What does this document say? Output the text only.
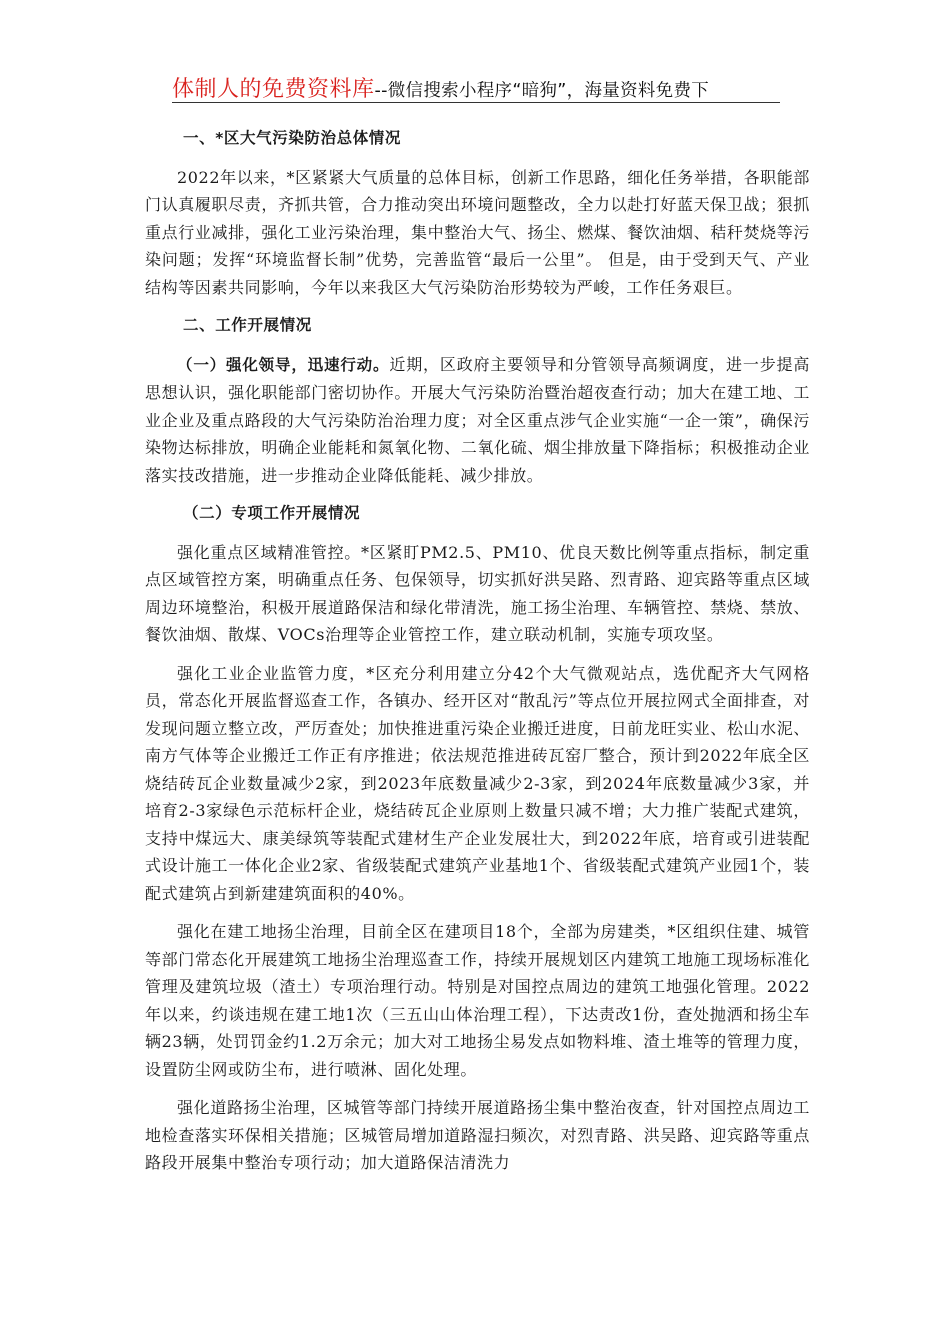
体制人的免费资料库--微信搜索小程序“暗狗”，海量资料免费下
一、*区大气污染防治总体情况

2022年以来，*区紧紧大气质量的总体目标，创新工作思路，细化任务举措，各职能部门认真履职尽责，齐抓共管，合力推动突出环境问题整改，全力以赴打好蓝天保卫战；狠抓重点行业减排，强化工业污染治理，集中整治大气、扬尘、燃煤、餐饮油烟、秸秆焚烧等污染问题；发挥“环境监督长制”优势，完善监管“最后一公里”。 但是，由于受到天气、产业结构等因素共同影响，今年以来我区大气污染防治形势较为严峻，工作任务艰巨。

二、工作开展情况

（一）强化领导，迅速行动。近期，区政府主要领导和分管领导高频调度，进一步提高思想认识，强化职能部门密切协作。开展大气污染防治暨治超夜查行动；加大在建工地、工业企业及重点路段的大气污染防治治理力度；对全区重点涉气企业实施“一企一策”，确保污染物达标排放，明确企业能耗和氮氧化物、二氧化硫、烟尘排放量下降指标；积极推动企业落实技改措施，进一步推动企业降低能耗、减少排放。

（二）专项工作开展情况

强化重点区域精准管控。*区紧盯PM2.5、PM10、优良天数比例等重点指标，制定重点区域管控方案，明确重点任务、包保领导，切实抓好洪吴路、烈青路、迎宾路等重点区域周边环境整治，积极开展道路保洁和绿化带清洗，施工扬尘治理、车辆管控、禁烧、禁放、餐饮油烟、散煤、VOCs治理等企业管控工作，建立联动机制，实施专项攻坚。

强化工业企业监管力度，*区充分利用建立分42个大气微观站点，选优配齐大气网格员，常态化开展监督巡查工作，各镇办、经开区对“散乱污”等点位开展拉网式全面排查，对发现问题立整立改，严厉查处；加快推进重污染企业搬迁进度，日前龙旺实业、松山水泥、南方气体等企业搬迁工作正有序推进；依法规范推进砖瓦窑厂整合，预计到2022年底全区烧结砖瓦企业数量减少2家，到2023年底数量减少2-3家，到2024年底数量减少3家，并培育2-3家绿色示范标杆企业，烧结砖瓦企业原则上数量只减不增；大力推广装配式建筑，支持中煤远大、康美绿筑等装配式建材生产企业发展壮大，到2022年底，培育或引进装配式设计施工一体化企业2家、省级装配式建筑产业基地1个、省级装配式建筑产业园1个，装配式建筑占到新建建筑面积的40%。

强化在建工地扬尘治理，目前全区在建项目18个，全部为房建类，*区组织住建、城管等部门常态化开展建筑工地扬尘治理巡查工作，持续开展规划区内建筑工地施工现场标准化管理及建筑垃圾（渣土）专项治理行动。特别是对国控点周边的建筑工地强化管理。2022年以来，约谈违规在建工地1次（三五山山体治理工程），下达责改1份，查处抛洒和扬尘车辆23辆，处罚罚金约1.2万余元；加大对工地扬尘易发点如物料堆、渣土堆等的管理力度，设置防尘网或防尘布，进行喷淋、固化处理。

强化道路扬尘治理，区城管等部门持续开展道路扬尘集中整治夜查，针对国控点周边工地检查落实环保相关措施；区城管局增加道路湿扫频次，对烈青路、洪吴路、迎宾路等重点路段开展集中整治专项行动；加大道路保洁清洗力
